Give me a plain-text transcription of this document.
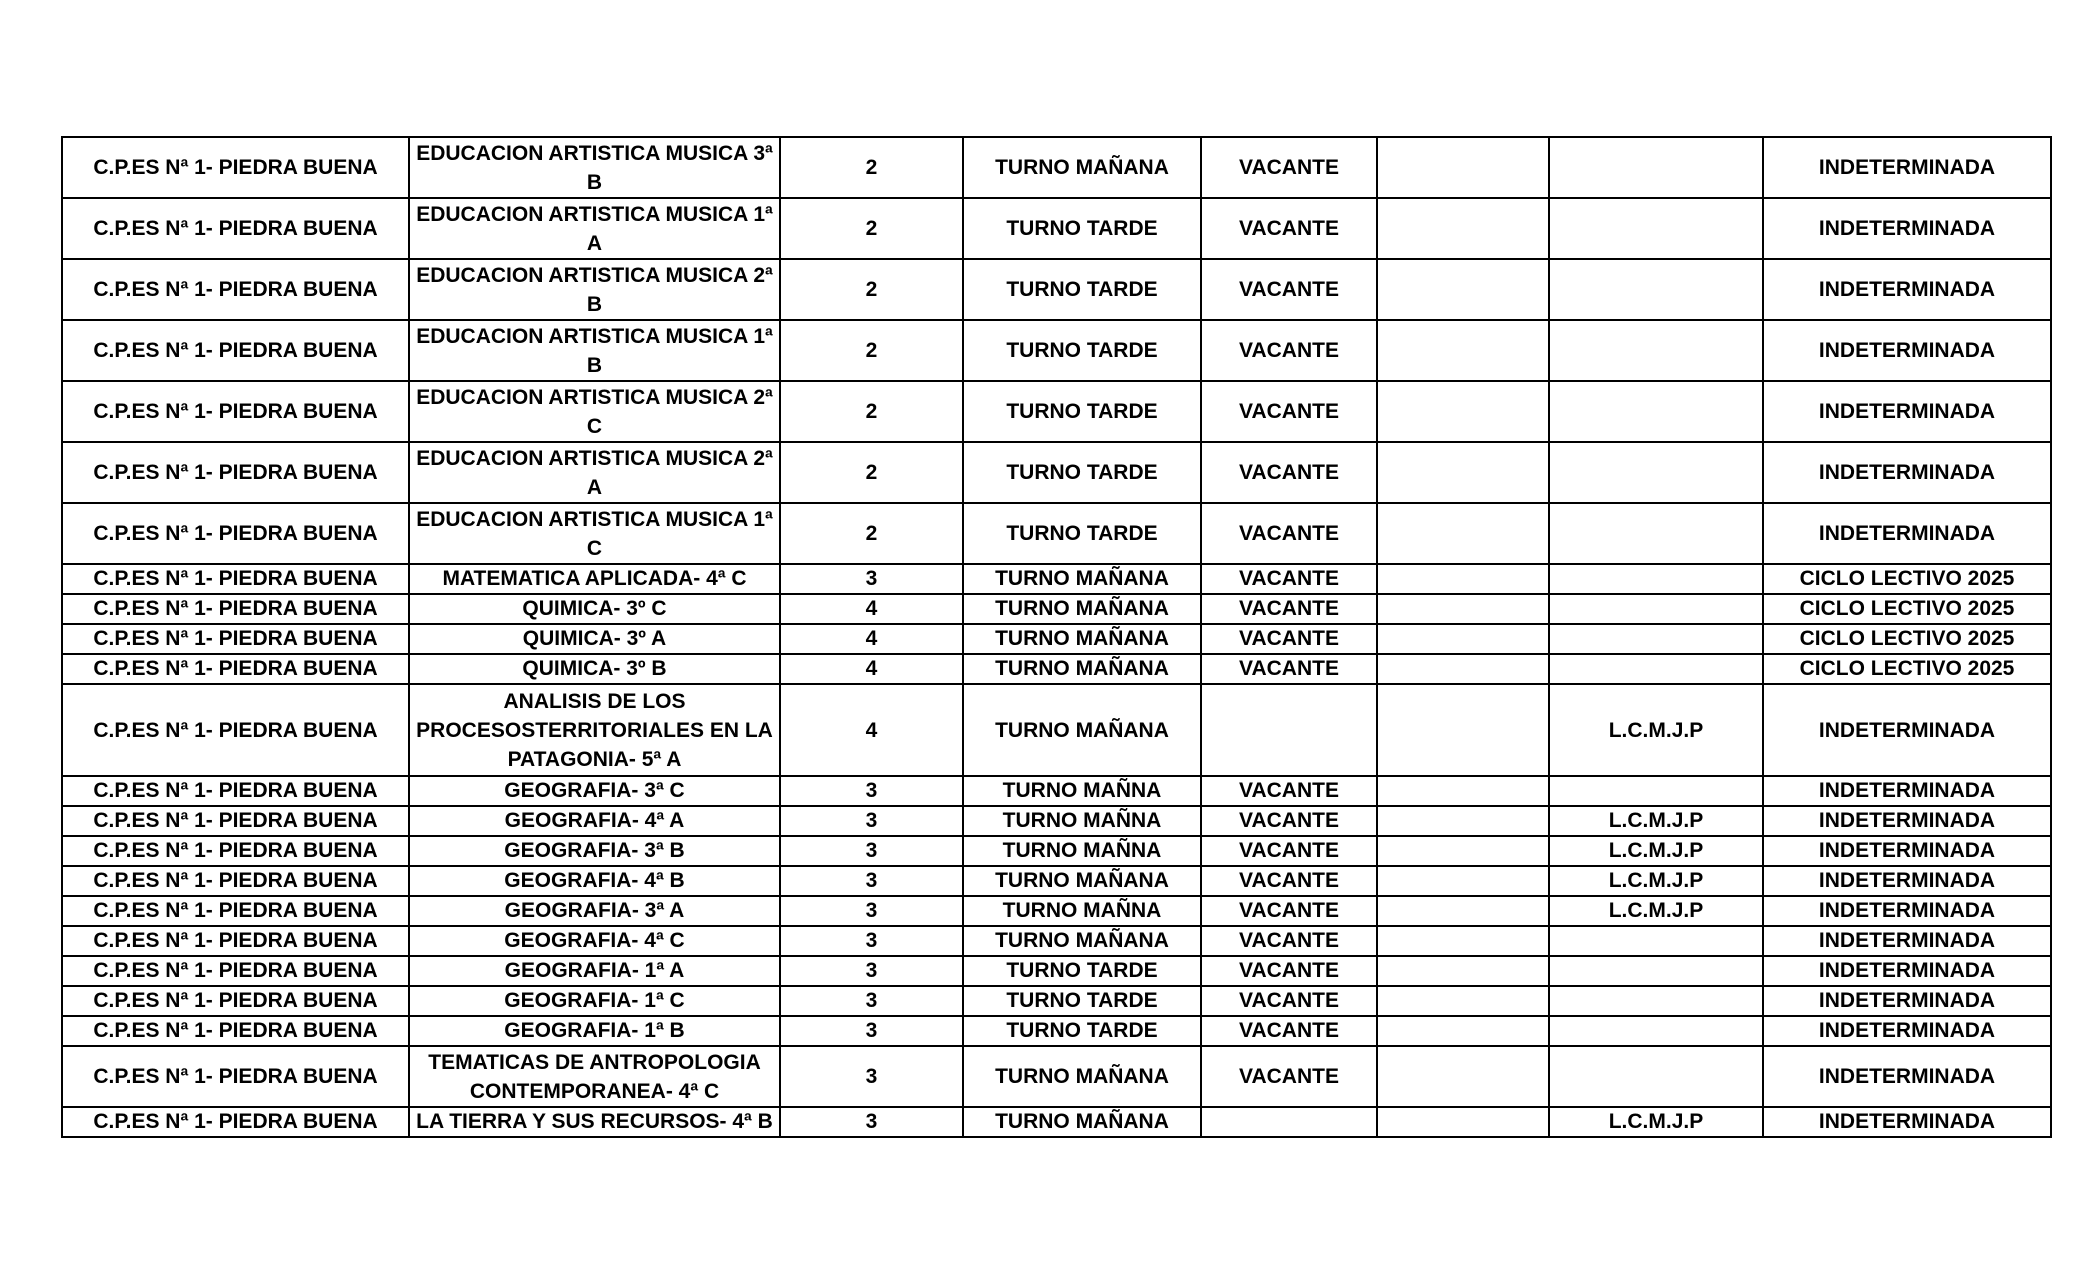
C.P.ES Nª 1- PIEDRA BUENA	EDUCACION ARTISTICA MUSICA 3ª B	2	TURNO MAÑANA	VACANTE			INDETERMINADA
C.P.ES Nª 1- PIEDRA BUENA	EDUCACION ARTISTICA MUSICA 1ª A	2	TURNO TARDE	VACANTE			INDETERMINADA
C.P.ES Nª 1- PIEDRA BUENA	EDUCACION ARTISTICA MUSICA 2ª B	2	TURNO TARDE	VACANTE			INDETERMINADA
C.P.ES Nª 1- PIEDRA BUENA	EDUCACION ARTISTICA MUSICA 1ª B	2	TURNO TARDE	VACANTE			INDETERMINADA
C.P.ES Nª 1- PIEDRA BUENA	EDUCACION ARTISTICA MUSICA 2ª C	2	TURNO TARDE	VACANTE			INDETERMINADA
C.P.ES Nª 1- PIEDRA BUENA	EDUCACION ARTISTICA MUSICA 2ª A	2	TURNO TARDE	VACANTE			INDETERMINADA
C.P.ES Nª 1- PIEDRA BUENA	EDUCACION ARTISTICA MUSICA 1ª C	2	TURNO TARDE	VACANTE			INDETERMINADA
C.P.ES Nª 1- PIEDRA BUENA	MATEMATICA APLICADA- 4ª C	3	TURNO MAÑANA	VACANTE			CICLO LECTIVO 2025
C.P.ES Nª 1- PIEDRA BUENA	QUIMICA- 3º C	4	TURNO MAÑANA	VACANTE			CICLO LECTIVO 2025
C.P.ES Nª 1- PIEDRA BUENA	QUIMICA- 3º A	4	TURNO MAÑANA	VACANTE			CICLO LECTIVO 2025
C.P.ES Nª 1- PIEDRA BUENA	QUIMICA- 3º B	4	TURNO MAÑANA	VACANTE			CICLO LECTIVO 2025
C.P.ES Nª 1- PIEDRA BUENA	ANALISIS DE LOS PROCESOSTERRITORIALES EN LA PATAGONIA- 5ª A	4	TURNO MAÑANA			L.C.M.J.P	INDETERMINADA
C.P.ES Nª 1- PIEDRA BUENA	GEOGRAFIA- 3ª C	3	TURNO MAÑNA	VACANTE			INDETERMINADA
C.P.ES Nª 1- PIEDRA BUENA	GEOGRAFIA- 4ª A	3	TURNO MAÑNA	VACANTE		L.C.M.J.P	INDETERMINADA
C.P.ES Nª 1- PIEDRA BUENA	GEOGRAFIA- 3ª B	3	TURNO MAÑNA	VACANTE		L.C.M.J.P	INDETERMINADA
C.P.ES Nª 1- PIEDRA BUENA	GEOGRAFIA- 4ª B	3	TURNO MAÑANA	VACANTE		L.C.M.J.P	INDETERMINADA
C.P.ES Nª 1- PIEDRA BUENA	GEOGRAFIA- 3ª A	3	TURNO MAÑNA	VACANTE		L.C.M.J.P	INDETERMINADA
C.P.ES Nª 1- PIEDRA BUENA	GEOGRAFIA- 4ª C	3	TURNO MAÑANA	VACANTE			INDETERMINADA
C.P.ES Nª 1- PIEDRA BUENA	GEOGRAFIA- 1ª A	3	TURNO TARDE	VACANTE			INDETERMINADA
C.P.ES Nª 1- PIEDRA BUENA	GEOGRAFIA- 1ª C	3	TURNO TARDE	VACANTE			INDETERMINADA
C.P.ES Nª 1- PIEDRA BUENA	GEOGRAFIA- 1ª B	3	TURNO TARDE	VACANTE			INDETERMINADA
C.P.ES Nª 1- PIEDRA BUENA	TEMATICAS DE ANTROPOLOGIA CONTEMPORANEA- 4ª C	3	TURNO MAÑANA	VACANTE			INDETERMINADA
C.P.ES Nª 1- PIEDRA BUENA	LA TIERRA Y SUS RECURSOS- 4ª B	3	TURNO MAÑANA			L.C.M.J.P	INDETERMINADA
